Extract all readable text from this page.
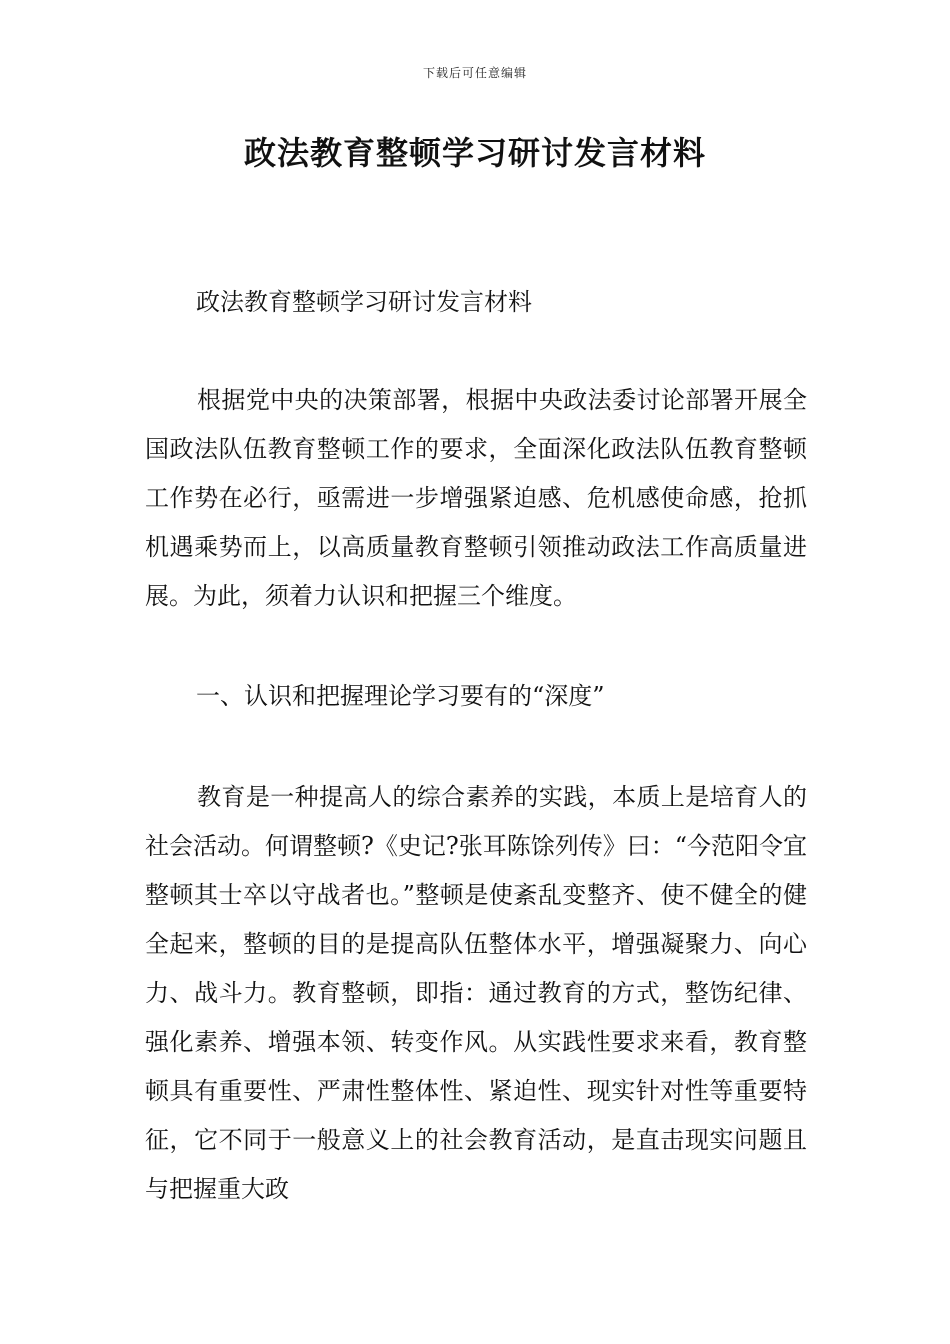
下载后可任意编辑
政法教育整顿学习研讨发言材料

政法教育整顿学习研讨发言材料

根据党中央的决策部署，根据中央政法委讨论部署开展全国政法队伍教育整顿工作的要求，全面深化政法队伍教育整顿工作势在必行，亟需进一步增强紧迫感、危机感使命感，抢抓机遇乘势而上，以高质量教育整顿引领推动政法工作高质量进展。为此，须着力认识和把握三个维度。

一、认识和把握理论学习要有的“深度”

教育是一种提高人的综合素养的实践，本质上是培育人的社会活动。何谓整顿?《史记?张耳陈馀列传》曰：“今范阳令宜整顿其士卒以守战者也。”整顿是使紊乱变整齐、使不健全的健全起来，整顿的目的是提高队伍整体水平，增强凝聚力、向心力、战斗力。教育整顿，即指：通过教育的方式，整饬纪律、强化素养、增强本领、转变作风。从实践性要求来看，教育整顿具有重要性、严肃性整体性、紧迫性、现实针对性等重要特征，它不同于一般意义上的社会教育活动，是直击现实问题且与把握重大政
